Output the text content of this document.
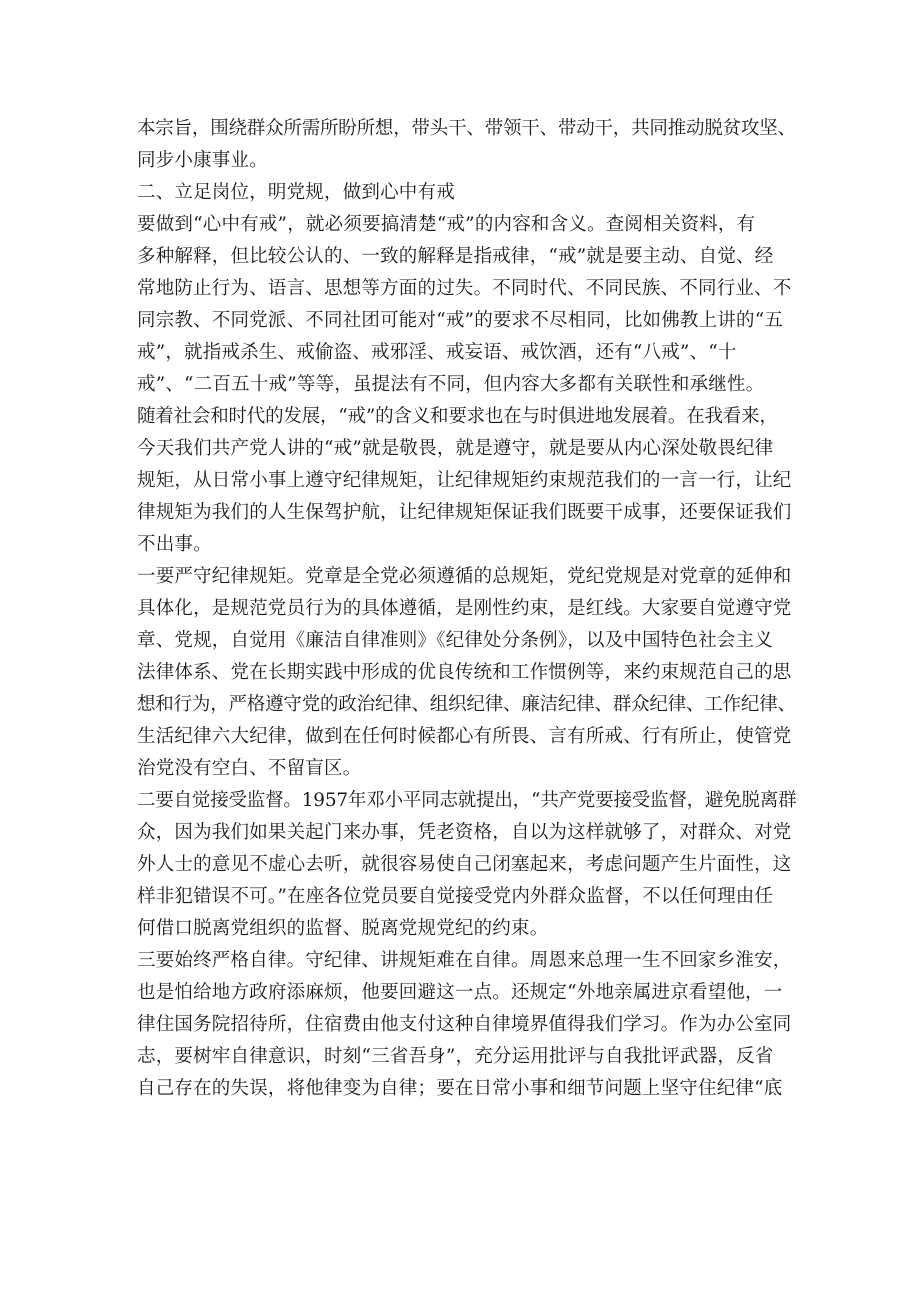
本宗旨，围绕群众所需所盼所想，带头干、带领干、带动干，共同推动脱贫攻坚、
同步小康事业。
二、立足岗位，明党规，做到心中有戒
要做到“心中有戒”，就必须要搞清楚“戒”的内容和含义。查阅相关资料，有
多种解释，但比较公认的、一致的解释是指戒律，“戒”就是要主动、自觉、经
常地防止行为、语言、思想等方面的过失。不同时代、不同民族、不同行业、不
同宗教、不同党派、不同社团可能对“戒”的要求不尽相同，比如佛教上讲的“五
戒”，就指戒杀生、戒偷盗、戒邪淫、戒妄语、戒饮酒，还有“八戒”、“十
戒”、“二百五十戒”等等，虽提法有不同，但内容大多都有关联性和承继性。
随着社会和时代的发展，“戒”的含义和要求也在与时俱进地发展着。在我看来，
今天我们共产党人讲的“戒”就是敬畏，就是遵守，就是要从内心深处敬畏纪律
规矩，从日常小事上遵守纪律规矩，让纪律规矩约束规范我们的一言一行，让纪
律规矩为我们的人生保驾护航，让纪律规矩保证我们既要干成事，还要保证我们
不出事。
一要严守纪律规矩。党章是全党必须遵循的总规矩，党纪党规是对党章的延伸和
具体化，是规范党员行为的具体遵循，是刚性约束，是红线。大家要自觉遵守党
章、党规，自觉用《廉洁自律准则》《纪律处分条例》，以及中国特色社会主义
法律体系、党在长期实践中形成的优良传统和工作惯例等，来约束规范自己的思
想和行为，严格遵守党的政治纪律、组织纪律、廉洁纪律、群众纪律、工作纪律、
生活纪律六大纪律，做到在任何时候都心有所畏、言有所戒、行有所止，使管党
治党没有空白、不留盲区。
二要自觉接受监督。1957年邓小平同志就提出，“共产党要接受监督，避免脱离群
众，因为我们如果关起门来办事，凭老资格，自以为这样就够了，对群众、对党
外人士的意见不虚心去听，就很容易使自己闭塞起来，考虑问题产生片面性，这
样非犯错误不可。”在座各位党员要自觉接受党内外群众监督，不以任何理由任
何借口脱离党组织的监督、脱离党规党纪的约束。
三要始终严格自律。守纪律、讲规矩难在自律。周恩来总理一生不回家乡淮安，
也是怕给地方政府添麻烦，他要回避这一点。还规定“外地亲属进京看望他，一
律住国务院招待所，住宿费由他支付这种自律境界值得我们学习。作为办公室同
志，要树牢自律意识，时刻“三省吾身”，充分运用批评与自我批评武器，反省
自己存在的失误，将他律变为自律；要在日常小事和细节问题上坚守住纪律“底
